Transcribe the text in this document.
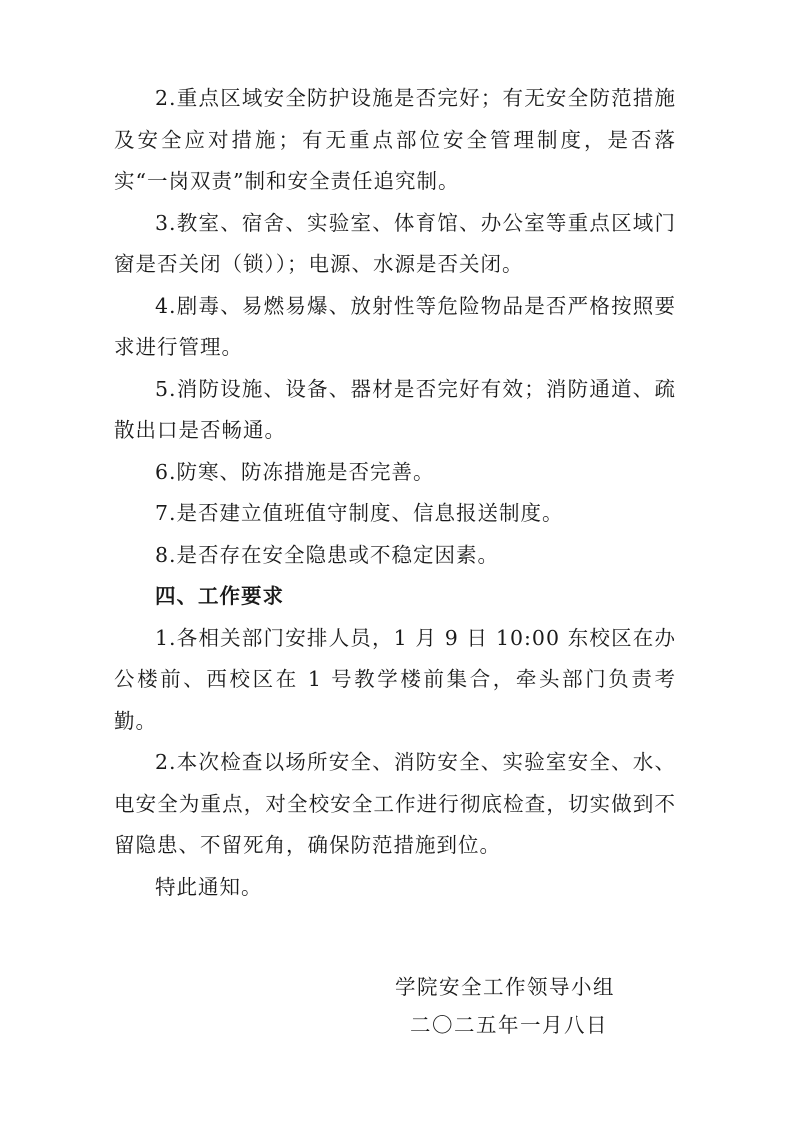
2.重点区域安全防护设施是否完好；有无安全防范措施及安全应对措施；有无重点部位安全管理制度，是否落实“一岗双责”制和安全责任追究制。

3.教室、宿舍、实验室、体育馆、办公室等重点区域门窗是否关闭（锁））；电源、水源是否关闭。

4.剧毒、易燃易爆、放射性等危险物品是否严格按照要求进行管理。

5.消防设施、设备、器材是否完好有效；消防通道、疏散出口是否畅通。

6.防寒、防冻措施是否完善。

7.是否建立值班值守制度、信息报送制度。

8.是否存在安全隐患或不稳定因素。

四、工作要求

1.各相关部门安排人员，1 月 9 日 10:00 东校区在办公楼前、西校区在 1 号教学楼前集合，牵头部门负责考勤。

2.本次检查以场所安全、消防安全、实验室安全、水、电安全为重点，对全校安全工作进行彻底检查，切实做到不留隐患、不留死角，确保防范措施到位。

特此通知。

学院安全工作领导小组

二〇二五年一月八日
